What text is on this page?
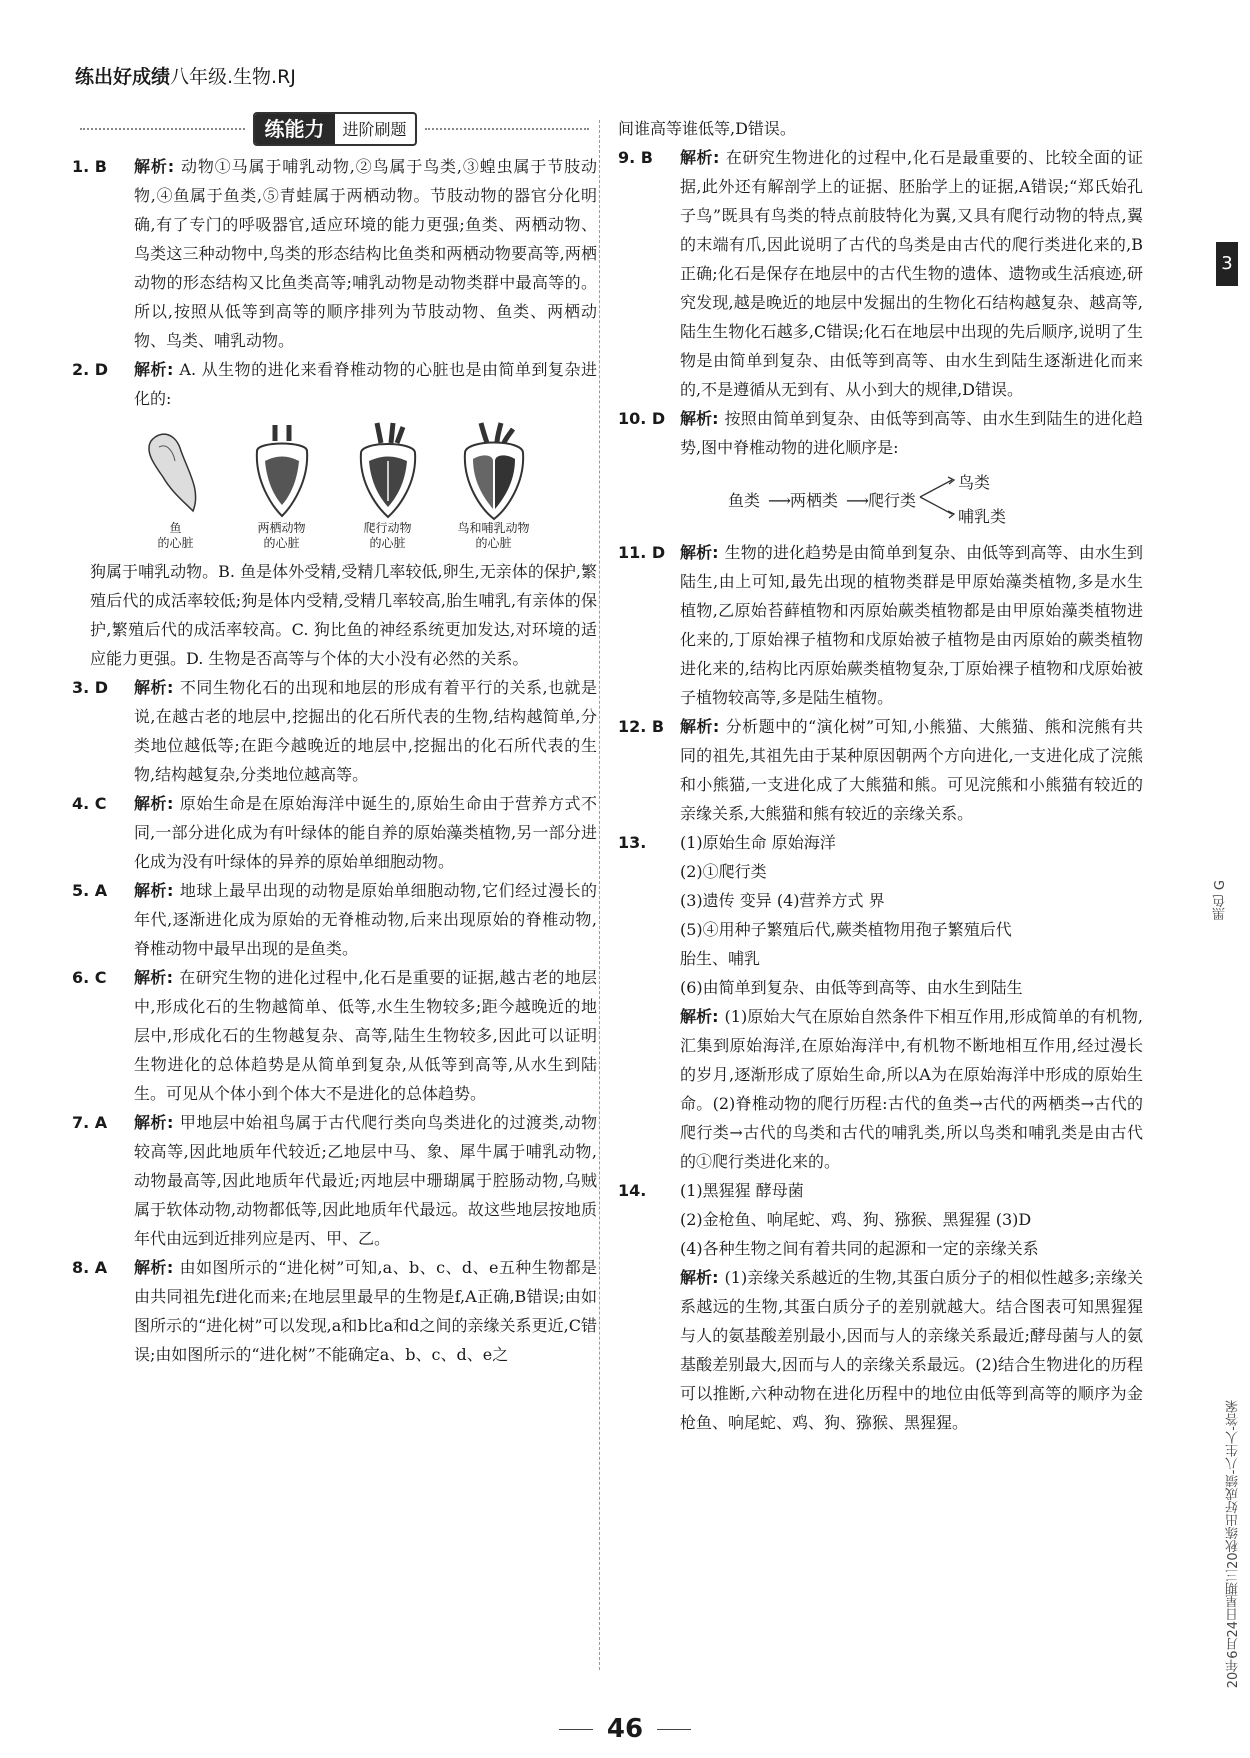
练出好成绩八年级.生物.RJ
练能力	进阶刷题
1. B	解析: 动物①马属于哺乳动物,②鸟属于鸟类,③蝗虫属于节肢动物,④鱼属于鱼类,⑤青蛙属于两栖动物。节肢动物的器官分化明确,有了专门的呼吸器官,适应环境的能力更强;鱼类、两栖动物、鸟类这三种动物中,鸟类的形态结构比鱼类和两栖动物要高等,两栖动物的形态结构又比鱼类高等;哺乳动物是动物类群中最高等的。所以,按照从低等到高等的顺序排列为节肢动物、鱼类、两栖动物、鸟类、哺乳动物。
2. D	解析: A. 从生物的进化来看脊椎动物的心脏也是由简单到复杂进化的:
鱼
的心脏
两栖动物
的心脏
爬行动物
的心脏
鸟和哺乳动物
的心脏
狗属于哺乳动物。B. 鱼是体外受精,受精几率较低,卵生,无亲体的保护,繁殖后代的成活率较低;狗是体内受精,受精几率较高,胎生哺乳,有亲体的保护,繁殖后代的成活率较高。C. 狗比鱼的神经系统更加发达,对环境的适应能力更强。D. 生物是否高等与个体的大小没有必然的关系。
3. D	解析: 不同生物化石的出现和地层的形成有着平行的关系,也就是说,在越古老的地层中,挖掘出的化石所代表的生物,结构越简单,分类地位越低等;在距今越晚近的地层中,挖掘出的化石所代表的生物,结构越复杂,分类地位越高等。
4. C	解析: 原始生命是在原始海洋中诞生的,原始生命由于营养方式不同,一部分进化成为有叶绿体的能自养的原始藻类植物,另一部分进化成为没有叶绿体的异养的原始单细胞动物。
5. A	解析: 地球上最早出现的动物是原始单细胞动物,它们经过漫长的年代,逐渐进化成为原始的无脊椎动物,后来出现原始的脊椎动物,脊椎动物中最早出现的是鱼类。
6. C	解析: 在研究生物的进化过程中,化石是重要的证据,越古老的地层中,形成化石的生物越简单、低等,水生生物较多;距今越晚近的地层中,形成化石的生物越复杂、高等,陆生生物较多,因此可以证明生物进化的总体趋势是从简单到复杂,从低等到高等,从水生到陆生。可见从个体小到个体大不是进化的总体趋势。
7. A	解析: 甲地层中始祖鸟属于古代爬行类向鸟类进化的过渡类,动物较高等,因此地质年代较近;乙地层中马、象、犀牛属于哺乳动物,动物最高等,因此地质年代最近;丙地层中珊瑚属于腔肠动物,乌贼属于软体动物,动物都低等,因此地质年代最远。故这些地层按地质年代由远到近排列应是丙、甲、乙。
8. A	解析: 由如图所示的“进化树”可知,a、b、c、d、e五种生物都是由共同祖先f进化而来;在地层里最早的生物是f,A正确,B错误;由如图所示的“进化树”可以发现,a和b比a和d之间的亲缘关系更近,C错误;由如图所示的“进化树”不能确定a、b、c、d、e之
间谁高等谁低等,D错误。
9. B	解析: 在研究生物进化的过程中,化石是最重要的、比较全面的证据,此外还有解剖学上的证据、胚胎学上的证据,A错误;“郑氏始孔子鸟”既具有鸟类的特点前肢特化为翼,又具有爬行动物的特点,翼的末端有爪,因此说明了古代的鸟类是由古代的爬行类进化来的,B正确;化石是保存在地层中的古代生物的遗体、遗物或生活痕迹,研究发现,越是晚近的地层中发掘出的生物化石结构越复杂、越高等,陆生生物化石越多,C错误;化石在地层中出现的先后顺序,说明了生物是由简单到复杂、由低等到高等、由水生到陆生逐渐进化而来的,不是遵循从无到有、从小到大的规律,D错误。
10. D 解析: 按照由简单到复杂、由低等到高等、由水生到陆生的进化趋势,图中脊椎动物的进化顺序是:
鱼类 ⟶ 两栖类 ⟶ 爬行类
鸟类
哺乳类
11. D 解析: 生物的进化趋势是由简单到复杂、由低等到高等、由水生到陆生,由上可知,最先出现的植物类群是甲原始藻类植物,多是水生植物,乙原始苔藓植物和丙原始蕨类植物都是由甲原始藻类植物进化来的,丁原始裸子植物和戊原始被子植物是由丙原始的蕨类植物进化来的,结构比丙原始蕨类植物复杂,丁原始裸子植物和戊原始被子植物较高等,多是陆生植物。
12. B 解析: 分析题中的“演化树”可知,小熊猫、大熊猫、熊和浣熊有共同的祖先,其祖先由于某种原因朝两个方向进化,一支进化成了浣熊和小熊猫,一支进化成了大熊猫和熊。可见浣熊和小熊猫有较近的亲缘关系,大熊猫和熊有较近的亲缘关系。
13.	(1)原始生命 原始海洋
(2)①爬行类
(3)遗传 变异 (4)营养方式 界
(5)④用种子繁殖后代,蕨类植物用孢子繁殖后代
胎生、哺乳
(6)由简单到复杂、由低等到高等、由水生到陆生
解析: (1)原始大气在原始自然条件下相互作用,形成简单的有机物,汇集到原始海洋,在原始海洋中,有机物不断地相互作用,经过漫长的岁月,逐渐形成了原始生命,所以A为在原始海洋中形成的原始生命。(2)脊椎动物的爬行历程:古代的鱼类→古代的两栖类→古代的爬行类→古代的鸟类和古代的哺乳类,所以鸟类和哺乳类是由古代的①爬行类进化来的。
14.	(1)黑猩猩 酵母菌
(2)金枪鱼、响尾蛇、鸡、狗、猕猴、黑猩猩 (3)D
(4)各种生物之间有着共同的起源和一定的亲缘关系
解析: (1)亲缘关系越近的生物,其蛋白质分子的相似性越多;亲缘关系越远的生物,其蛋白质分子的差别就越大。结合图表可知黑猩猩与人的氨基酸差别最小,因而与人的亲缘关系最近;酵母菌与人的氨基酸差别最大,因而与人的亲缘关系最远。(2)结合生物进化的历程可以推断,六种动物在进化历程中的地位由低等到高等的顺序为金枪鱼、响尾蛇、鸡、狗、猕猴、黑猩猩。
46
3
黑色 G
20年6月24日星期三20秋练出好成绩-八生人-答案
